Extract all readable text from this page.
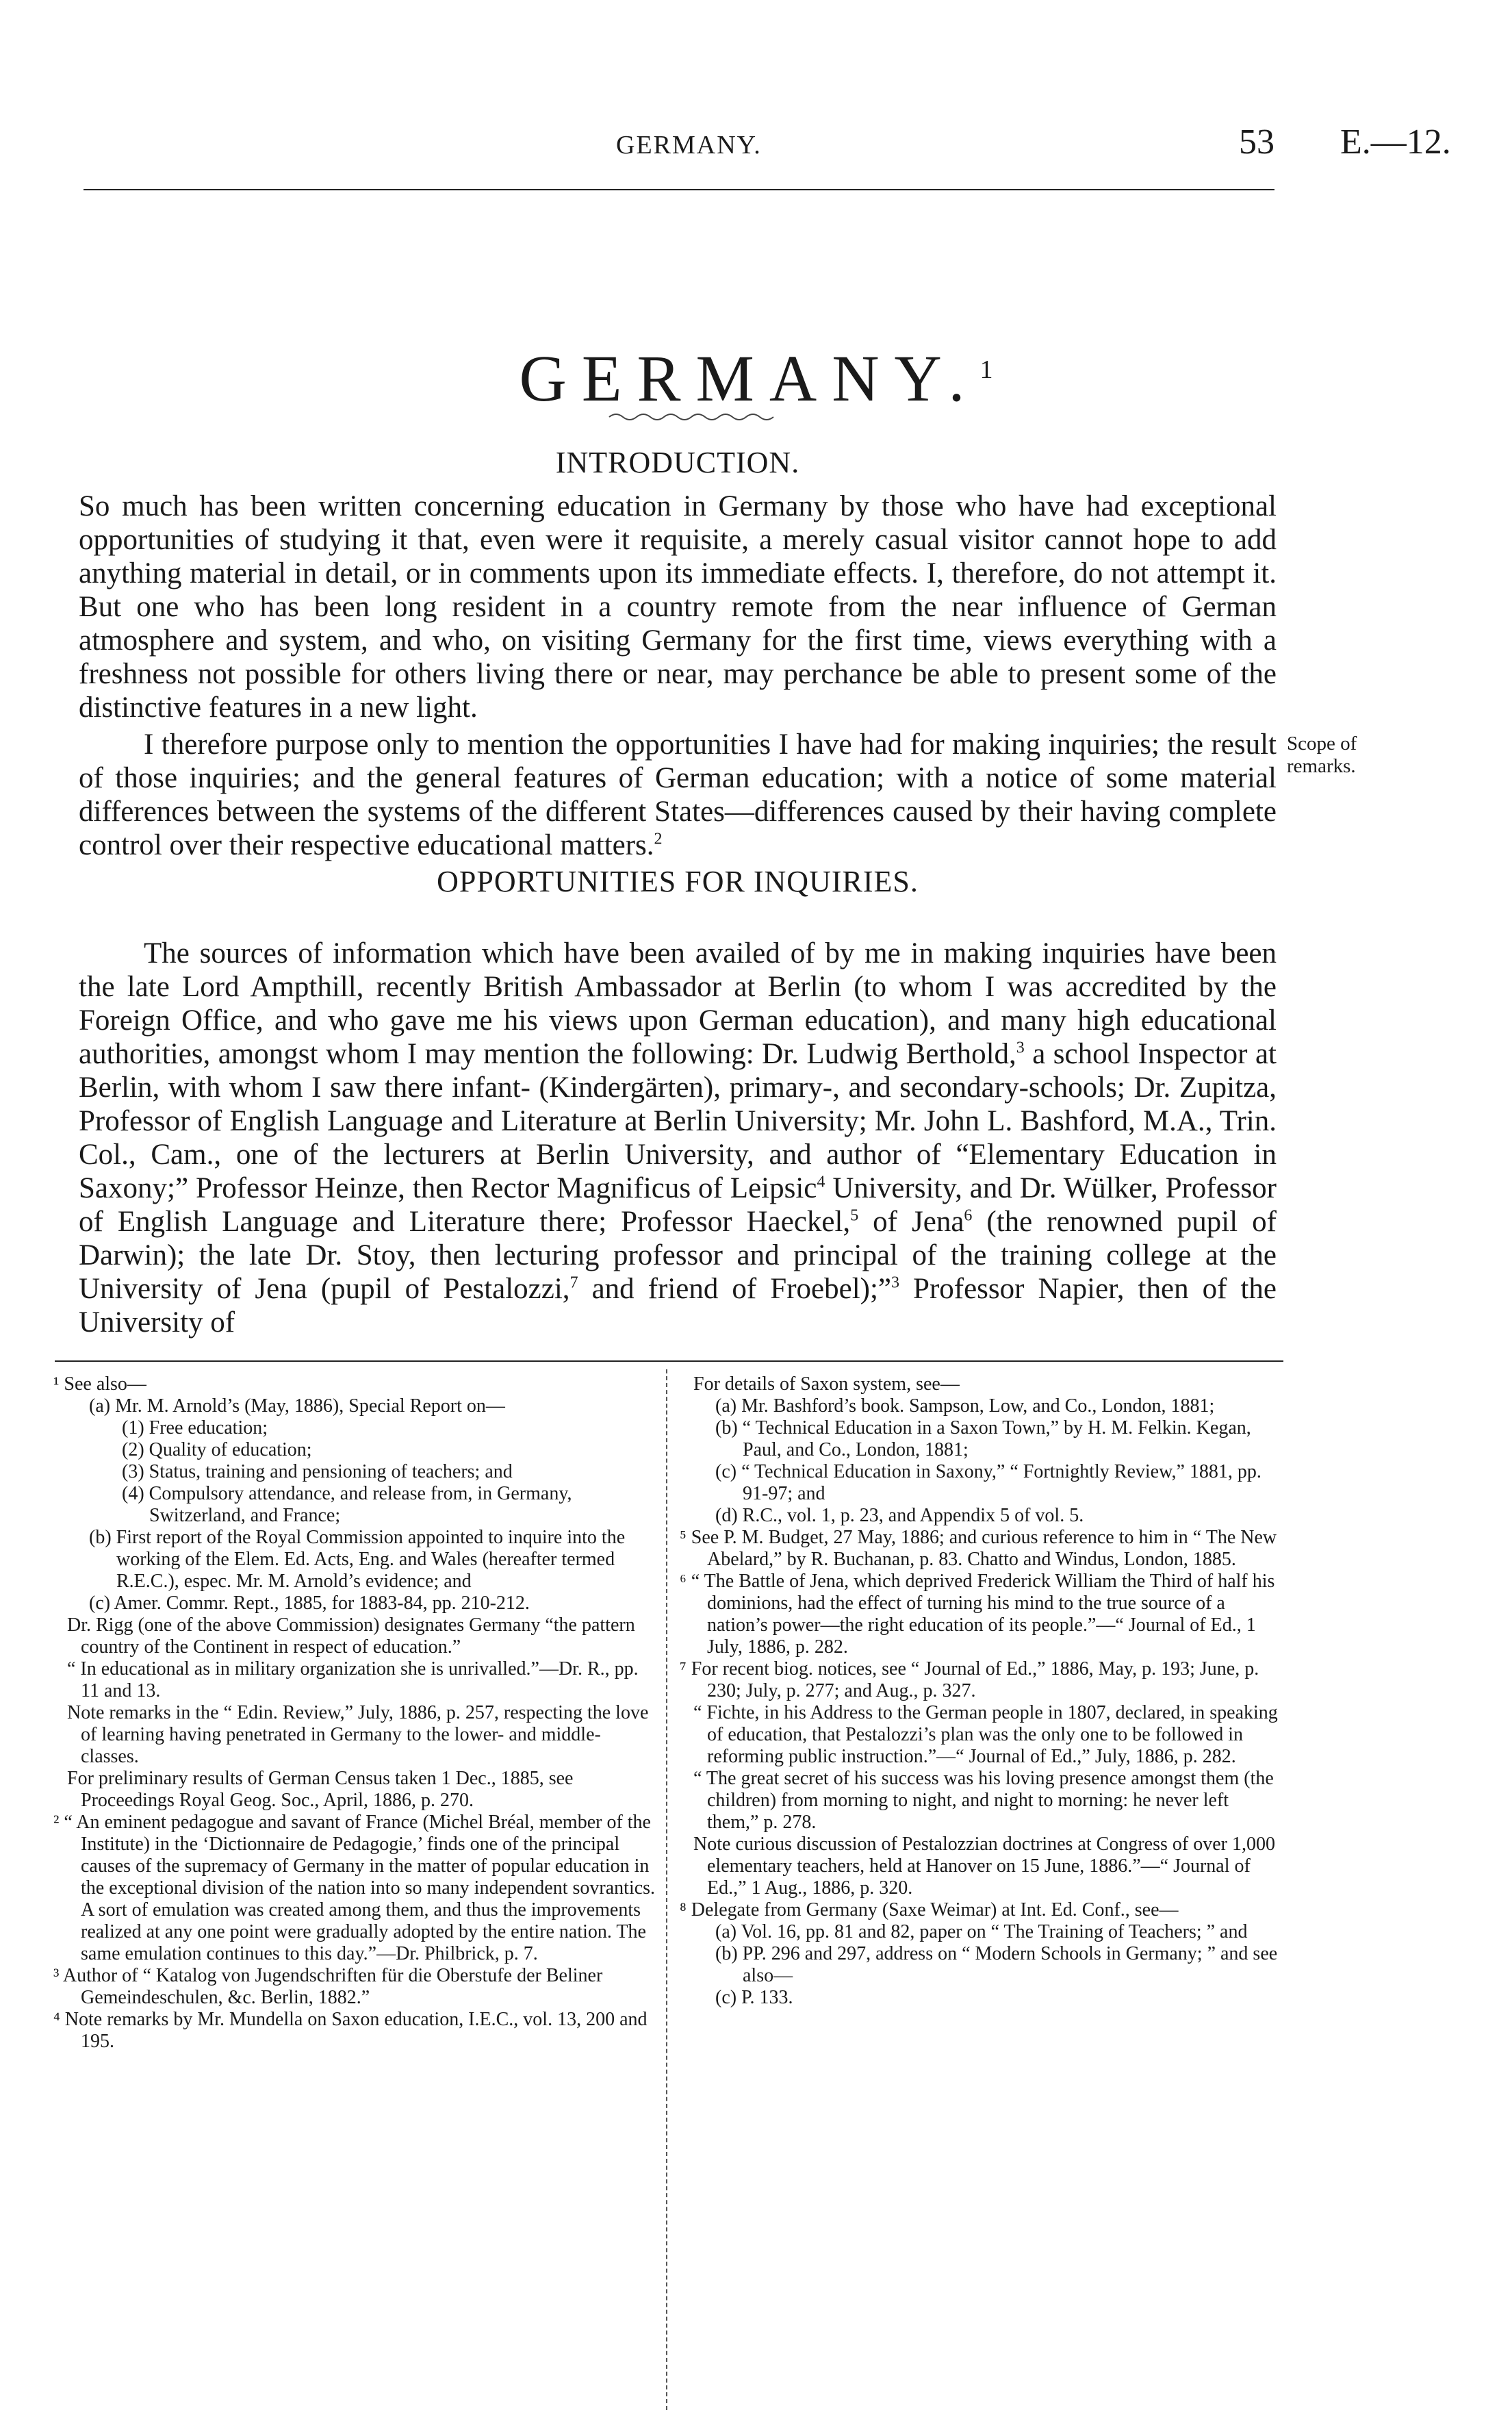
GERMANY.	53 E.—12.
GERMANY.$^1$
INTRODUCTION.
So much has been written concerning education in Germany by those who have had exceptional opportunities of studying it that, even were it requisite, a merely casual visitor cannot hope to add anything material in detail, or in comments upon its immediate effects. I, therefore, do not attempt it. But one who has been long resident in a country remote from the near influence of German atmosphere and system, and who, on visiting Germany for the first time, views everything with a freshness not possible for others living there or near, may perchance be able to present some of the distinctive features in a new light.
I therefore purpose only to mention the opportunities I have had for making inquiries; the result of those inquiries; and the general features of German education; with a notice of some material differences between the systems of the different States—differences caused by their having complete control over their respective educational matters.$^2$
Scope of remarks.
OPPORTUNITIES FOR INQUIRIES.
The sources of information which have been availed of by me in making inquiries have been the late Lord Ampthill, recently British Ambassador at Berlin (to whom I was accredited by the Foreign Office, and who gave me his views upon German education), and many high educational authorities, amongst whom I may mention the following: Dr. Ludwig Berthold,$^3$ a school Inspector at Berlin, with whom I saw there infant- (Kindergärten), primary-, and secondary-schools; Dr. Zupitza, Professor of English Language and Literature at Berlin University; Mr. John L. Bashford, M.A., Trin. Col., Cam., one of the lecturers at Berlin University, and author of “Elementary Education in Saxony;” Professor Heinze, then Rector Magnificus of Leipsic$^4$ University, and Dr. Wülker, Professor of English Language and Literature there; Professor Haeckel,$^5$ of Jena$^6$ (the renowned pupil of Darwin); the late Dr. Stoy, then lecturing professor and principal of the training college at the University of Jena (pupil of Pestalozzi,$^7$ and friend of Froebel);”$^3$ Professor Napier, then of the University of

¹ See also—

(a) Mr. M. Arnold’s (May, 1886), Special Report on—

(1) Free education;

(2) Quality of education;

(3) Status, training and pensioning of teachers; and

(4) Compulsory attendance, and release from, in Germany, Switzerland, and France;

(b) First report of the Royal Commission appointed to inquire into the working of the Elem. Ed. Acts, Eng. and Wales (hereafter termed R.E.C.), espec. Mr. M. Arnold’s evidence; and

(c) Amer. Commr. Rept., 1885, for 1883-84, pp. 210-212.

Dr. Rigg (one of the above Commission) designates Germany “the pattern country of the Continent in respect of education.”

“ In educational as in military organization she is unrivalled.”—Dr. R., pp. 11 and 13.

Note remarks in the “ Edin. Review,” July, 1886, p. 257, respecting the love of learning having penetrated in Germany to the lower- and middle-classes.

For preliminary results of German Census taken 1 Dec., 1885, see Proceedings Royal Geog. Soc., April, 1886, p. 270.

² “ An eminent pedagogue and savant of France (Michel Bréal, member of the Institute) in the ‘Dictionnaire de Pedagogie,’ finds one of the principal causes of the supremacy of Germany in the matter of popular education in the exceptional division of the nation into so many independent sovrantics. A sort of emulation was created among them, and thus the improvements realized at any one point were gradually adopted by the entire nation. The same emulation continues to this day.”—Dr. Philbrick, p. 7.

³ Author of “ Katalog von Jugendschriften für die Oberstufe der Beliner Gemeindeschulen, &c. Berlin, 1882.”

⁴ Note remarks by Mr. Mundella on Saxon education, I.E.C., vol. 13, 200 and 195.

For details of Saxon system, see—

(a) Mr. Bashford’s book. Sampson, Low, and Co., London, 1881;

(b) “ Technical Education in a Saxon Town,” by H. M. Felkin. Kegan, Paul, and Co., London, 1881;

(c) “ Technical Education in Saxony,” “ Fortnightly Review,” 1881, pp. 91-97; and

(d) R.C., vol. 1, p. 23, and Appendix 5 of vol. 5.

⁵ See P. M. Budget, 27 May, 1886; and curious reference to him in “ The New Abelard,” by R. Buchanan, p. 83. Chatto and Windus, London, 1885.

⁶ “ The Battle of Jena, which deprived Frederick William the Third of half his dominions, had the effect of turning his mind to the true source of a nation’s power—the right education of its people.”—“ Journal of Ed., 1 July, 1886, p. 282.

⁷ For recent biog. notices, see “ Journal of Ed.,” 1886, May, p. 193; June, p. 230; July, p. 277; and Aug., p. 327.

“ Fichte, in his Address to the German people in 1807, declared, in speaking of education, that Pestalozzi’s plan was the only one to be followed in reforming public instruction.”—“ Journal of Ed.,” July, 1886, p. 282.

“ The great secret of his success was his loving presence amongst them (the children) from morning to night, and night to morning: he never left them,” p. 278.

Note curious discussion of Pestalozzian doctrines at Congress of over 1,000 elementary teachers, held at Hanover on 15 June, 1886.”—“ Journal of Ed.,” 1 Aug., 1886, p. 320.

⁸ Delegate from Germany (Saxe Weimar) at Int. Ed. Conf., see—

(a) Vol. 16, pp. 81 and 82, paper on “ The Training of Teachers; ” and

(b) PP. 296 and 297, address on “ Modern Schools in Germany; ” and see also—

(c) P. 133.
